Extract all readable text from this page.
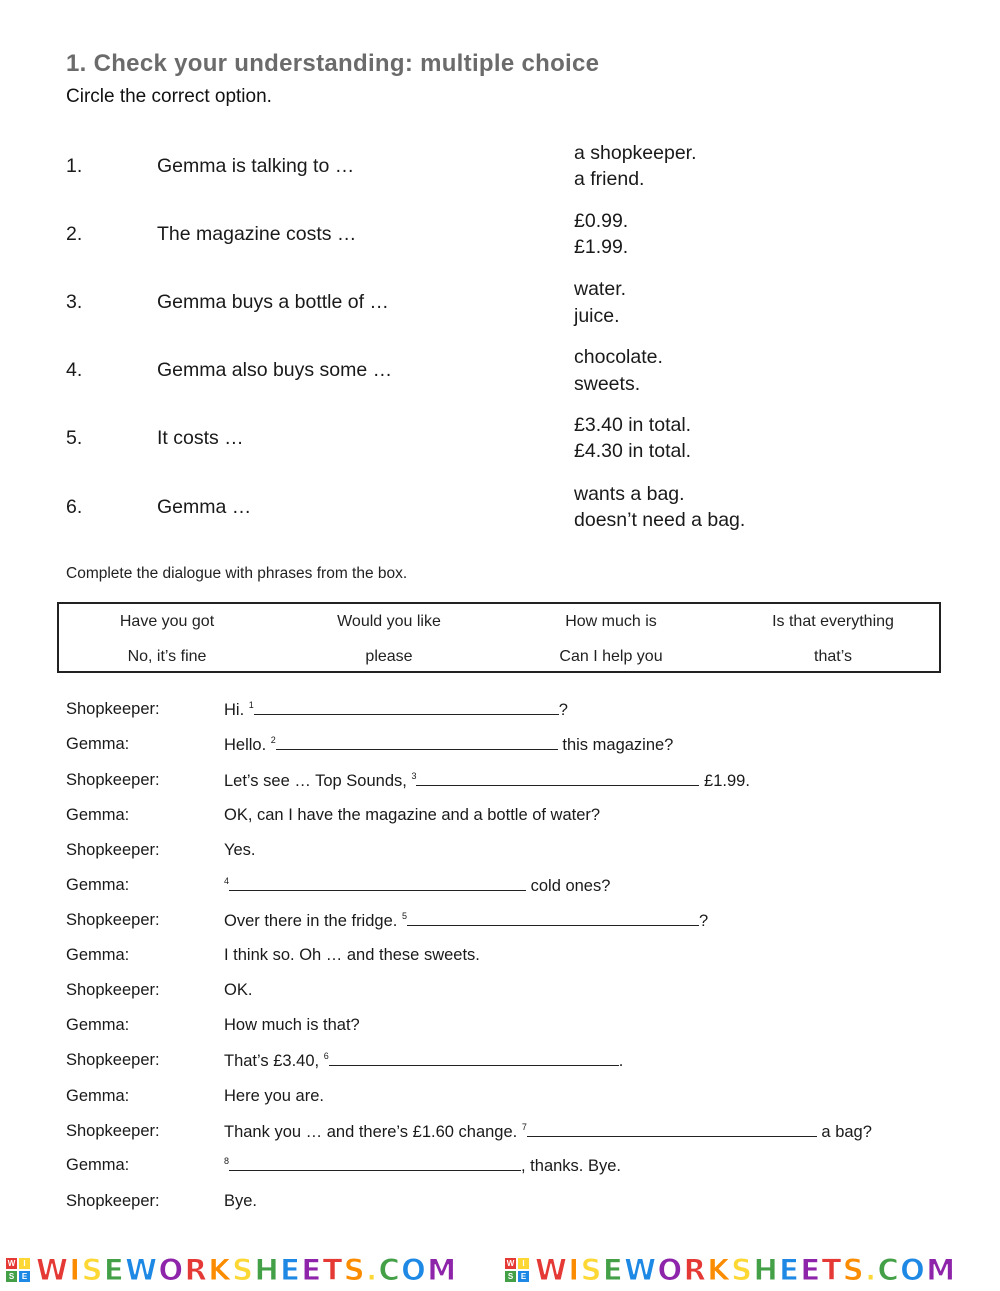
1. Check your understanding: multiple choice
Circle the correct option.
1.	Gemma is talking to …
a shopkeeper.
a friend.
2.	The magazine costs …
£0.99.
£1.99.
3.	Gemma buys a bottle of …
water.
juice.
4.	Gemma also buys some …
chocolate.
sweets.
5.	It costs …
£3.40 in total.
£4.30 in total.
6.	Gemma …
wants a bag.
doesn’t need a bag.
Complete the dialogue with phrases from the box.
Have you got	Would you like	How much is	Is that everything
No, it’s fine	please	Can I help you	that’s
Shopkeeper:	Hi. $^1$	?
Gemma:	Hello. $^2$	this magazine?
Shopkeeper:	Let’s see … Top Sounds, $^3$	£1.99.
Gemma:	OK, can I have the magazine and a bottle of water?
Shopkeeper:	Yes.
Gemma:	$^4$	cold ones?
Shopkeeper:	Over there in the fridge. $^5$	?
Gemma:	I think so. Oh … and these sweets.
Shopkeeper:	OK.
Gemma:	How much is that?
Shopkeeper:	That’s £3.40, $^6$	.
Gemma:	Here you are.
Shopkeeper:	Thank you … and there’s £1.60 change. $^7$	a bag?
Gemma:	$^8$	, thanks. Bye.
Shopkeeper:	Bye.
W	I
S E WISEWORKSHEETS.COM	W	I
S E WISEWORKSHEETS.COM
